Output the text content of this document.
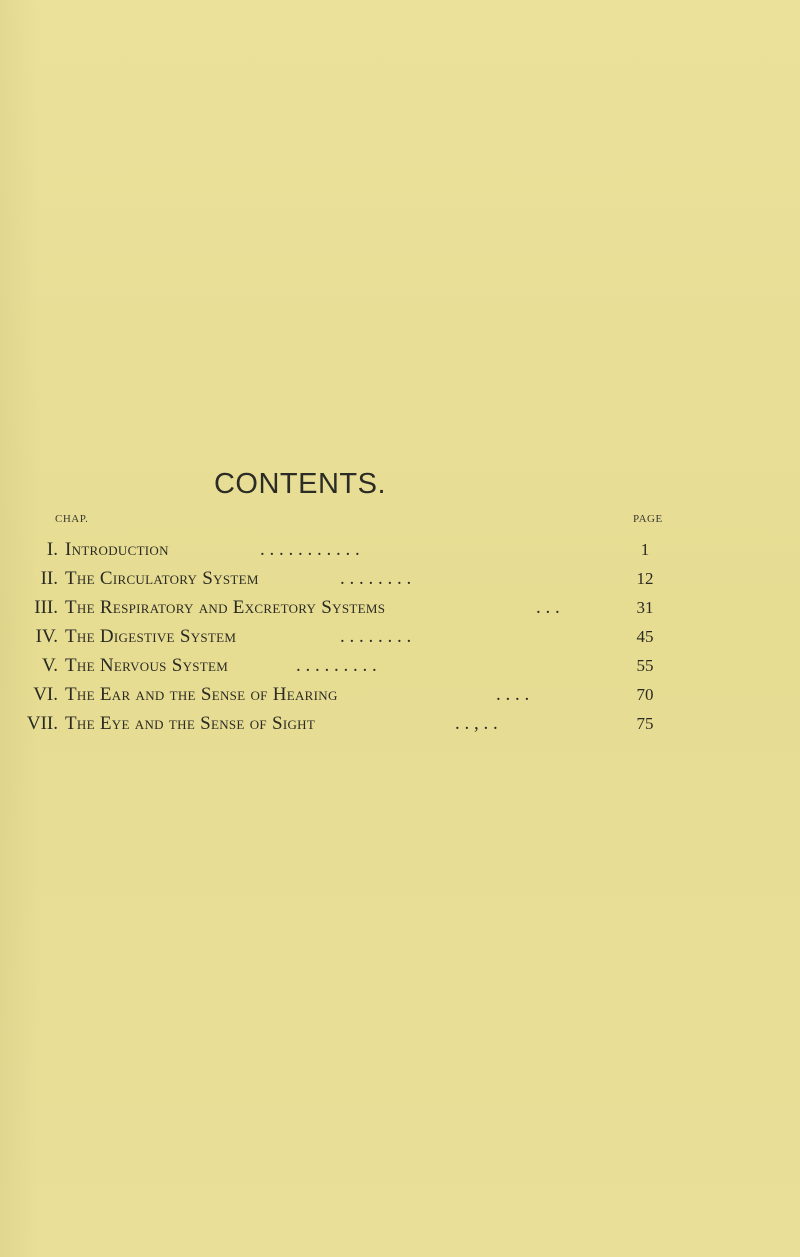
CONTENTS.
CHAP.	PAGE
I. Introduction	. . . . . . . . . . .	1
II. The Circulatory System	. . . . . . . .	12
III. The Respiratory and Excretory Systems	. . .	31
IV. The Digestive System	. . . . . . . .	45
V. The Nervous System	. . . . . . . . .	55
VI. The Ear and the Sense of Hearing	. . . .	70
VII. The Eye and the Sense of Sight	. . , . .	75
